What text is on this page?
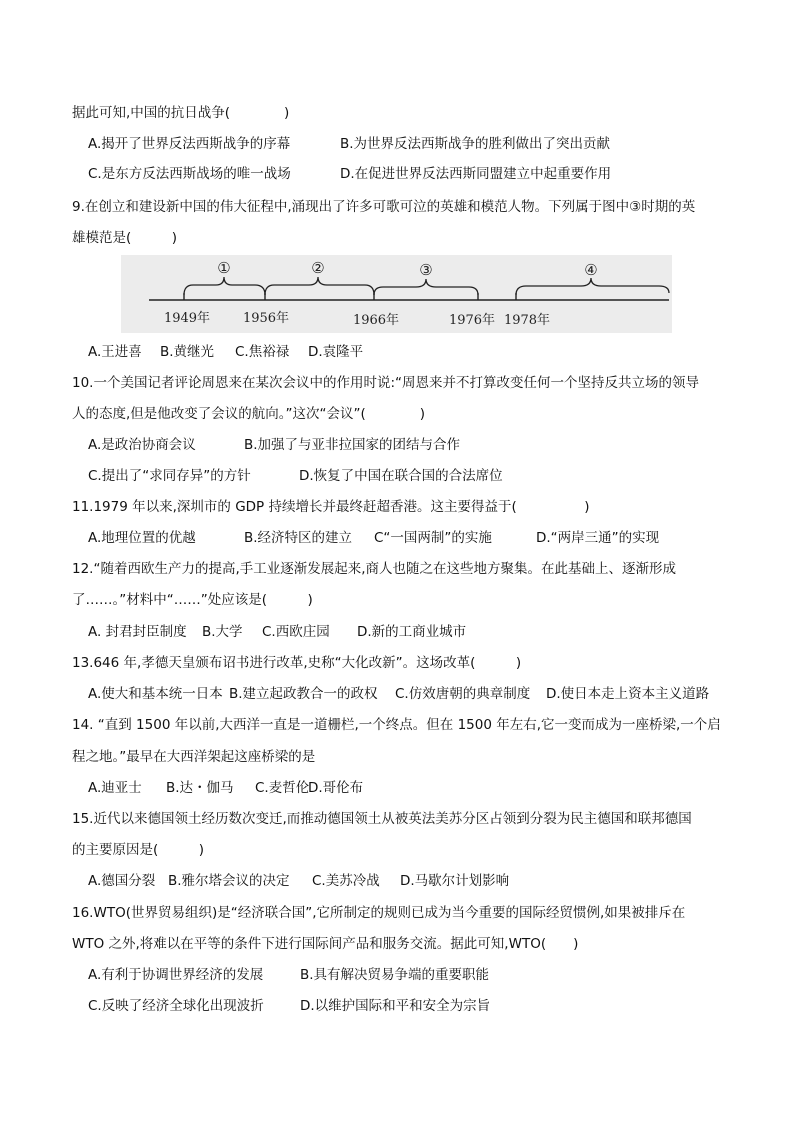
据此可知,中国的抗日战争(　　　　)
A.揭开了世界反法西斯战争的序幕	B.为世界反法西斯战争的胜利做出了突出贡献
C.是东方反法西斯战场的唯一战场	D.在促进世界反法西斯同盟建立中起重要作用
9.在创立和建设新中国的伟大征程中,涌现出了许多可歌可泣的英雄和模范人物。下列属于图中③时期的英
雄模范是(　　　)
①	②	③	④
1949年	1956年	1966年	1976年 1978年
A.王进喜 B.黄继光 C.焦裕禄 D.袁隆平
10.一个美国记者评论周恩来在某次会议中的作用时说:“周恩来并不打算改变任何一个坚持反共立场的领导
人的态度,但是他改变了会议的航向。”这次“会议”(　　　　)
A.是政治协商会议	B.加强了与亚非拉国家的团结与合作
C.提出了“求同存异”的方针	D.恢复了中国在联合国的合法席位
11.1979 年以来,深圳市的 GDP 持续增长并最终赶超香港。这主要得益于(　　　　　)
A.地理位置的优越	B.经济特区的建立 C“一国两制”的实施	D.“两岸三通”的实现
12.“随着西欧生产力的提高,手工业逐渐发展起来,商人也随之在这些地方聚集。在此基础上、逐渐形成
了……。”材料中“……”处应该是(　　　)
A. 封君封臣制度 B.大学 C.西欧庄园 D.新的工商业城市
13.646 年,孝德天皇颁布诏书进行改革,史称“大化改新”。这场改革(　　　)
A.使大和基本统一日本 B.建立起政教合一的政权 C.仿效唐朝的典章制度 D.使日本走上资本主义道路
14. “直到 1500 年以前,大西洋一直是一道栅栏,一个终点。但在 1500 年左右,它一变而成为一座桥梁,一个启
程之地。”最早在大西洋架起这座桥梁的是
A.迪亚士 B.达・伽马 C.麦哲伦
D.哥伦布
15.近代以来德国领土经历数次变迁,而推动德国领土从被英法美苏分区占领到分裂为民主德国和联邦德国
的主要原因是(　　　)
A.德国分裂 B.雅尔塔会议的决定 C.美苏冷战 D.马歇尔计划影响
16.WTO(世界贸易组织)是“经济联合国”,它所制定的规则已成为当今重要的国际经贸惯例,如果被排斥在
WTO 之外,将难以在平等的条件下进行国际间产品和服务交流。据此可知,WTO(　　)
A.有利于协调世界经济的发展	B.具有解决贸易争端的重要职能
C.反映了经济全球化出现波折	D.以维护国际和平和安全为宗旨
